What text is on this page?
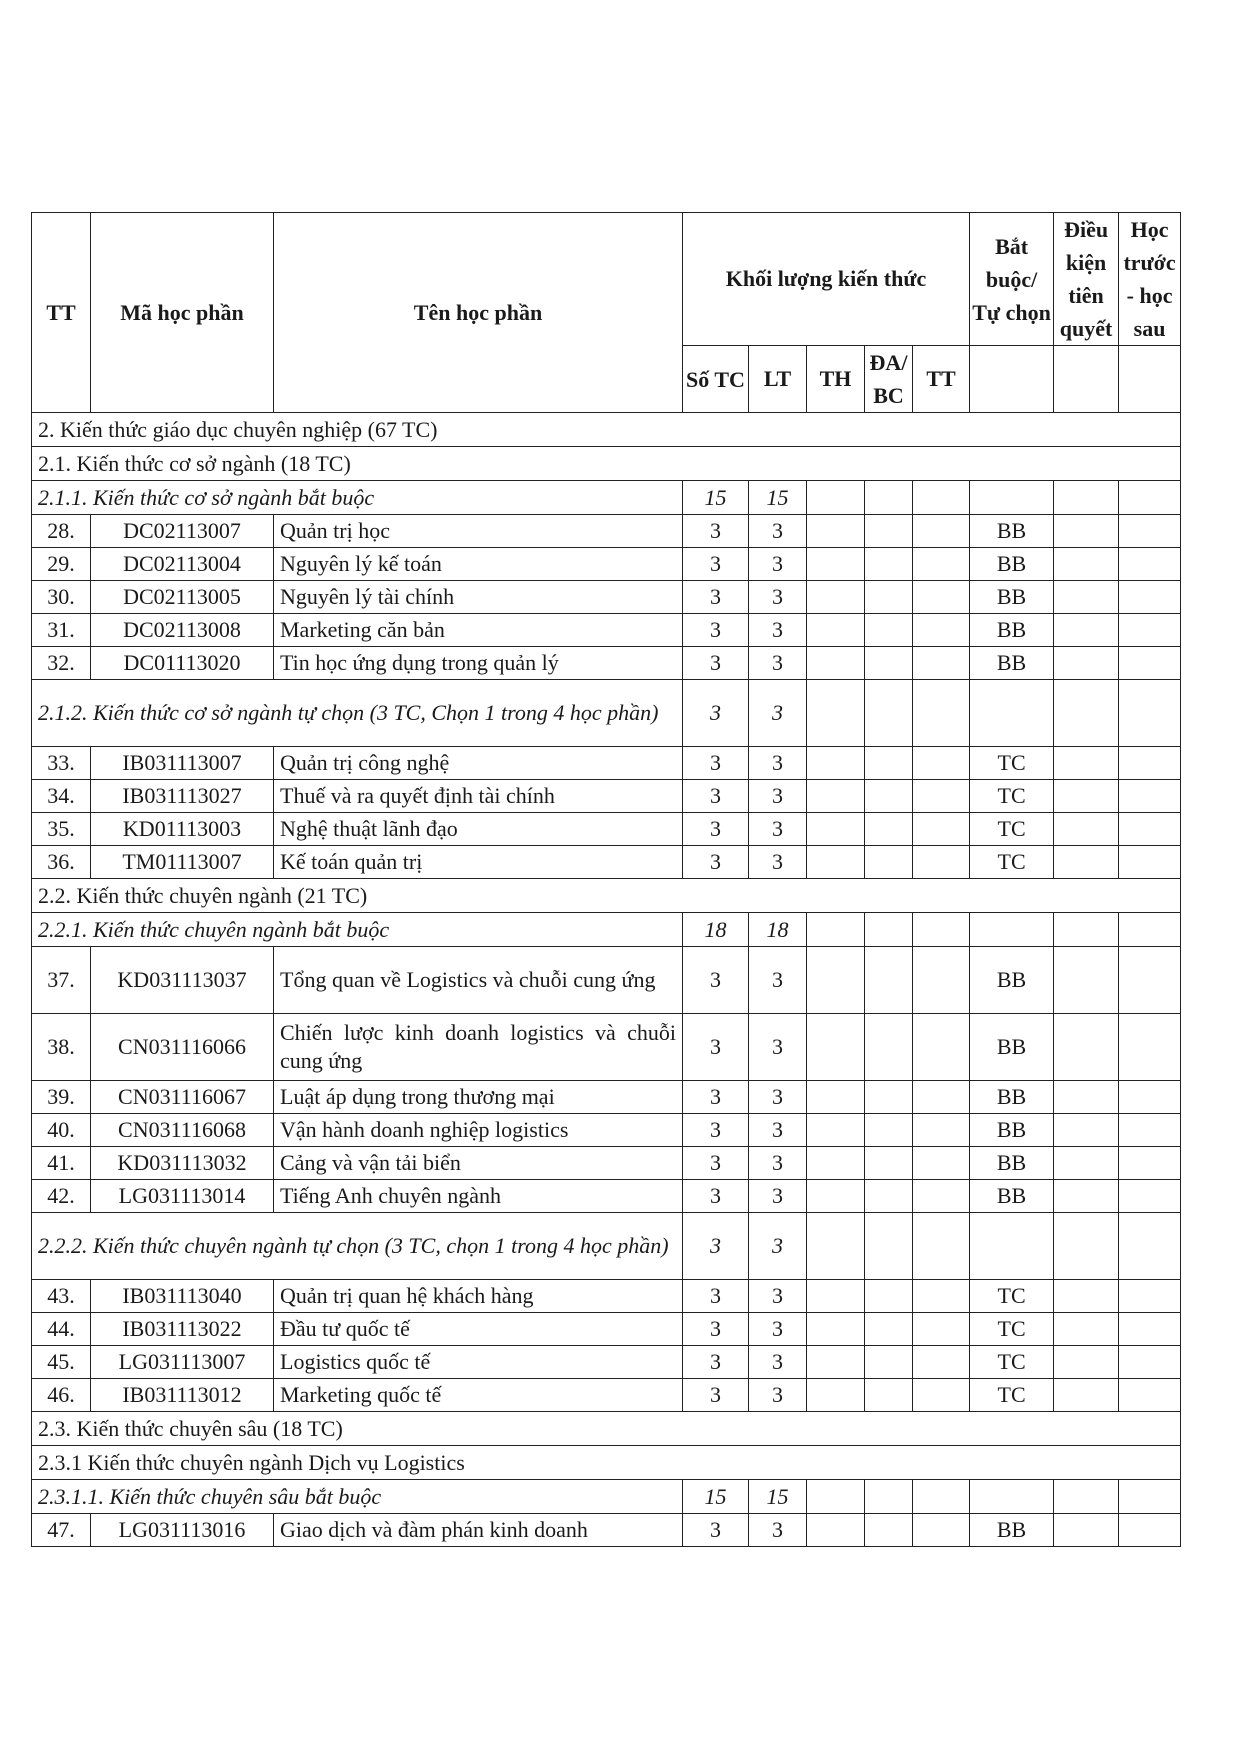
TT	Mã học phần	Tên học phần	Khối lượng kiến thức					Bắt buộc/ Tự chọn	Điều kiện tiên quyết	Học trước - học sau
			Số TC	LT	TH	ĐA/ BC	TT			
2. Kiến thức giáo dục chuyên nghiệp (67 TC)										
2.1. Kiến thức cơ sở ngành (18 TC)										
2.1.1. Kiến thức cơ sở ngành bắt buộc			15	15						
28.	DC02113007	Quản trị học	3	3				BB		
29.	DC02113004	Nguyên lý kế toán	3	3				BB		
30.	DC02113005	Nguyên lý tài chính	3	3				BB		
31.	DC02113008	Marketing căn bản	3	3				BB		
32.	DC01113020	Tin học ứng dụng trong quản lý	3	3				BB		
2.1.2. Kiến thức cơ sở ngành tự chọn (3 TC, Chọn 1 trong 4 học phần)			3	3						
33.	IB031113007	Quản trị công nghệ	3	3				TC		
34.	IB031113027	Thuế và ra quyết định tài chính	3	3				TC		
35.	KD01113003	Nghệ thuật lãnh đạo	3	3				TC		
36.	TM01113007	Kế toán quản trị	3	3				TC		
2.2. Kiến thức chuyên ngành (21 TC)										
2.2.1. Kiến thức chuyên ngành bắt buộc			18	18						
37.	KD031113037	Tổng quan về Logistics và chuỗi cung ứng	3	3				BB		
38.	CN031116066	Chiến lược kinh doanh logistics và chuỗi cung ứng	3	3				BB		
39.	CN031116067	Luật áp dụng trong thương mại	3	3				BB		
40.	CN031116068	Vận hành doanh nghiệp logistics	3	3				BB		
41.	KD031113032	Cảng và vận tải biển	3	3				BB		
42.	LG031113014	Tiếng Anh chuyên ngành	3	3				BB		
2.2.2. Kiến thức chuyên ngành tự chọn (3 TC, chọn 1 trong 4 học phần)			3	3						
43.	IB031113040	Quản trị quan hệ khách hàng	3	3				TC		
44.	IB031113022	Đầu tư quốc tế	3	3				TC		
45.	LG031113007	Logistics quốc tế	3	3				TC		
46.	IB031113012	Marketing quốc tế	3	3				TC		
2.3. Kiến thức chuyên sâu (18 TC)										
2.3.1 Kiến thức chuyên ngành Dịch vụ Logistics										
2.3.1.1. Kiến thức chuyên sâu bắt buộc			15	15						
47.	LG031113016	Giao dịch và đàm phán kinh doanh	3	3				BB		
